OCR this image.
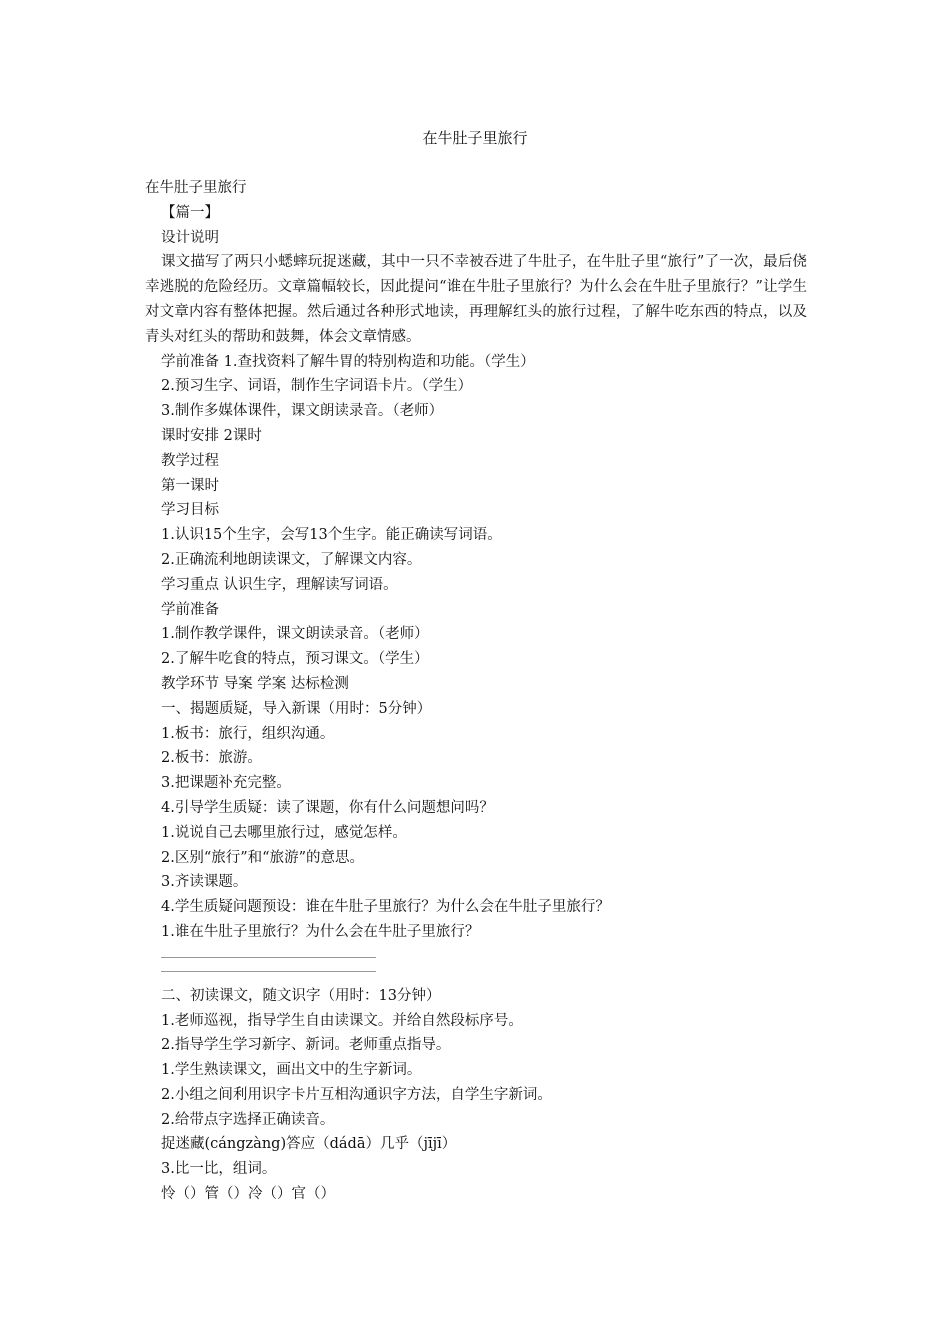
在牛肚子里旅行

在牛肚子里旅行

【篇一】

设计说明

课文描写了两只小蟋蟀玩捉迷藏，其中一只不幸被吞进了牛肚子，在牛肚子里“旅行”了一次，最后侥幸逃脱的危险经历。文章篇幅较长，因此提问“谁在牛肚子里旅行？为什么会在牛肚子里旅行？”让学生对文章内容有整体把握。然后通过各种形式地读，再理解红头的旅行过程，了解牛吃东西的特点，以及青头对红头的帮助和鼓舞，体会文章情感。

学前准备 1.查找资料了解牛胃的特别构造和功能。（学生）

2.预习生字、词语，制作生字词语卡片。（学生）

3.制作多媒体课件，课文朗读录音。（老师）

课时安排 2课时

教学过程

第一课时

学习目标

1.认识15个生字，会写13个生字。能正确读写词语。

2.正确流利地朗读课文，了解课文内容。

学习重点 认识生字，理解读写词语。

学前准备

1.制作教学课件，课文朗读录音。（老师）

2.了解牛吃食的特点，预习课文。（学生）

教学环节 导案 学案 达标检测

一、揭题质疑，导入新课（用时：5分钟）

1.板书：旅行，组织沟通。

2.板书：旅游。

3.把课题补充完整。

4.引导学生质疑：读了课题，你有什么问题想问吗？

1.说说自己去哪里旅行过，感觉怎样。

2.区别“旅行”和“旅游”的意思。

3.齐读课题。

4.学生质疑问题预设：谁在牛肚子里旅行？为什么会在牛肚子里旅行？

1.谁在牛肚子里旅行？为什么会在牛肚子里旅行？

二、初读课文，随文识字（用时：13分钟）

1.老师巡视，指导学生自由读课文。并给自然段标序号。

2.指导学生学习新字、新词。老师重点指导。

1.学生熟读课文，画出文中的生字新词。

2.小组之间利用识字卡片互相沟通识字方法，自学生字新词。

2.给带点字选择正确读音。

捉迷藏(cángzàng)答应（dádā）几乎（jījī）

3.比一比，组词。

怜（）管（）冷（）官（）
